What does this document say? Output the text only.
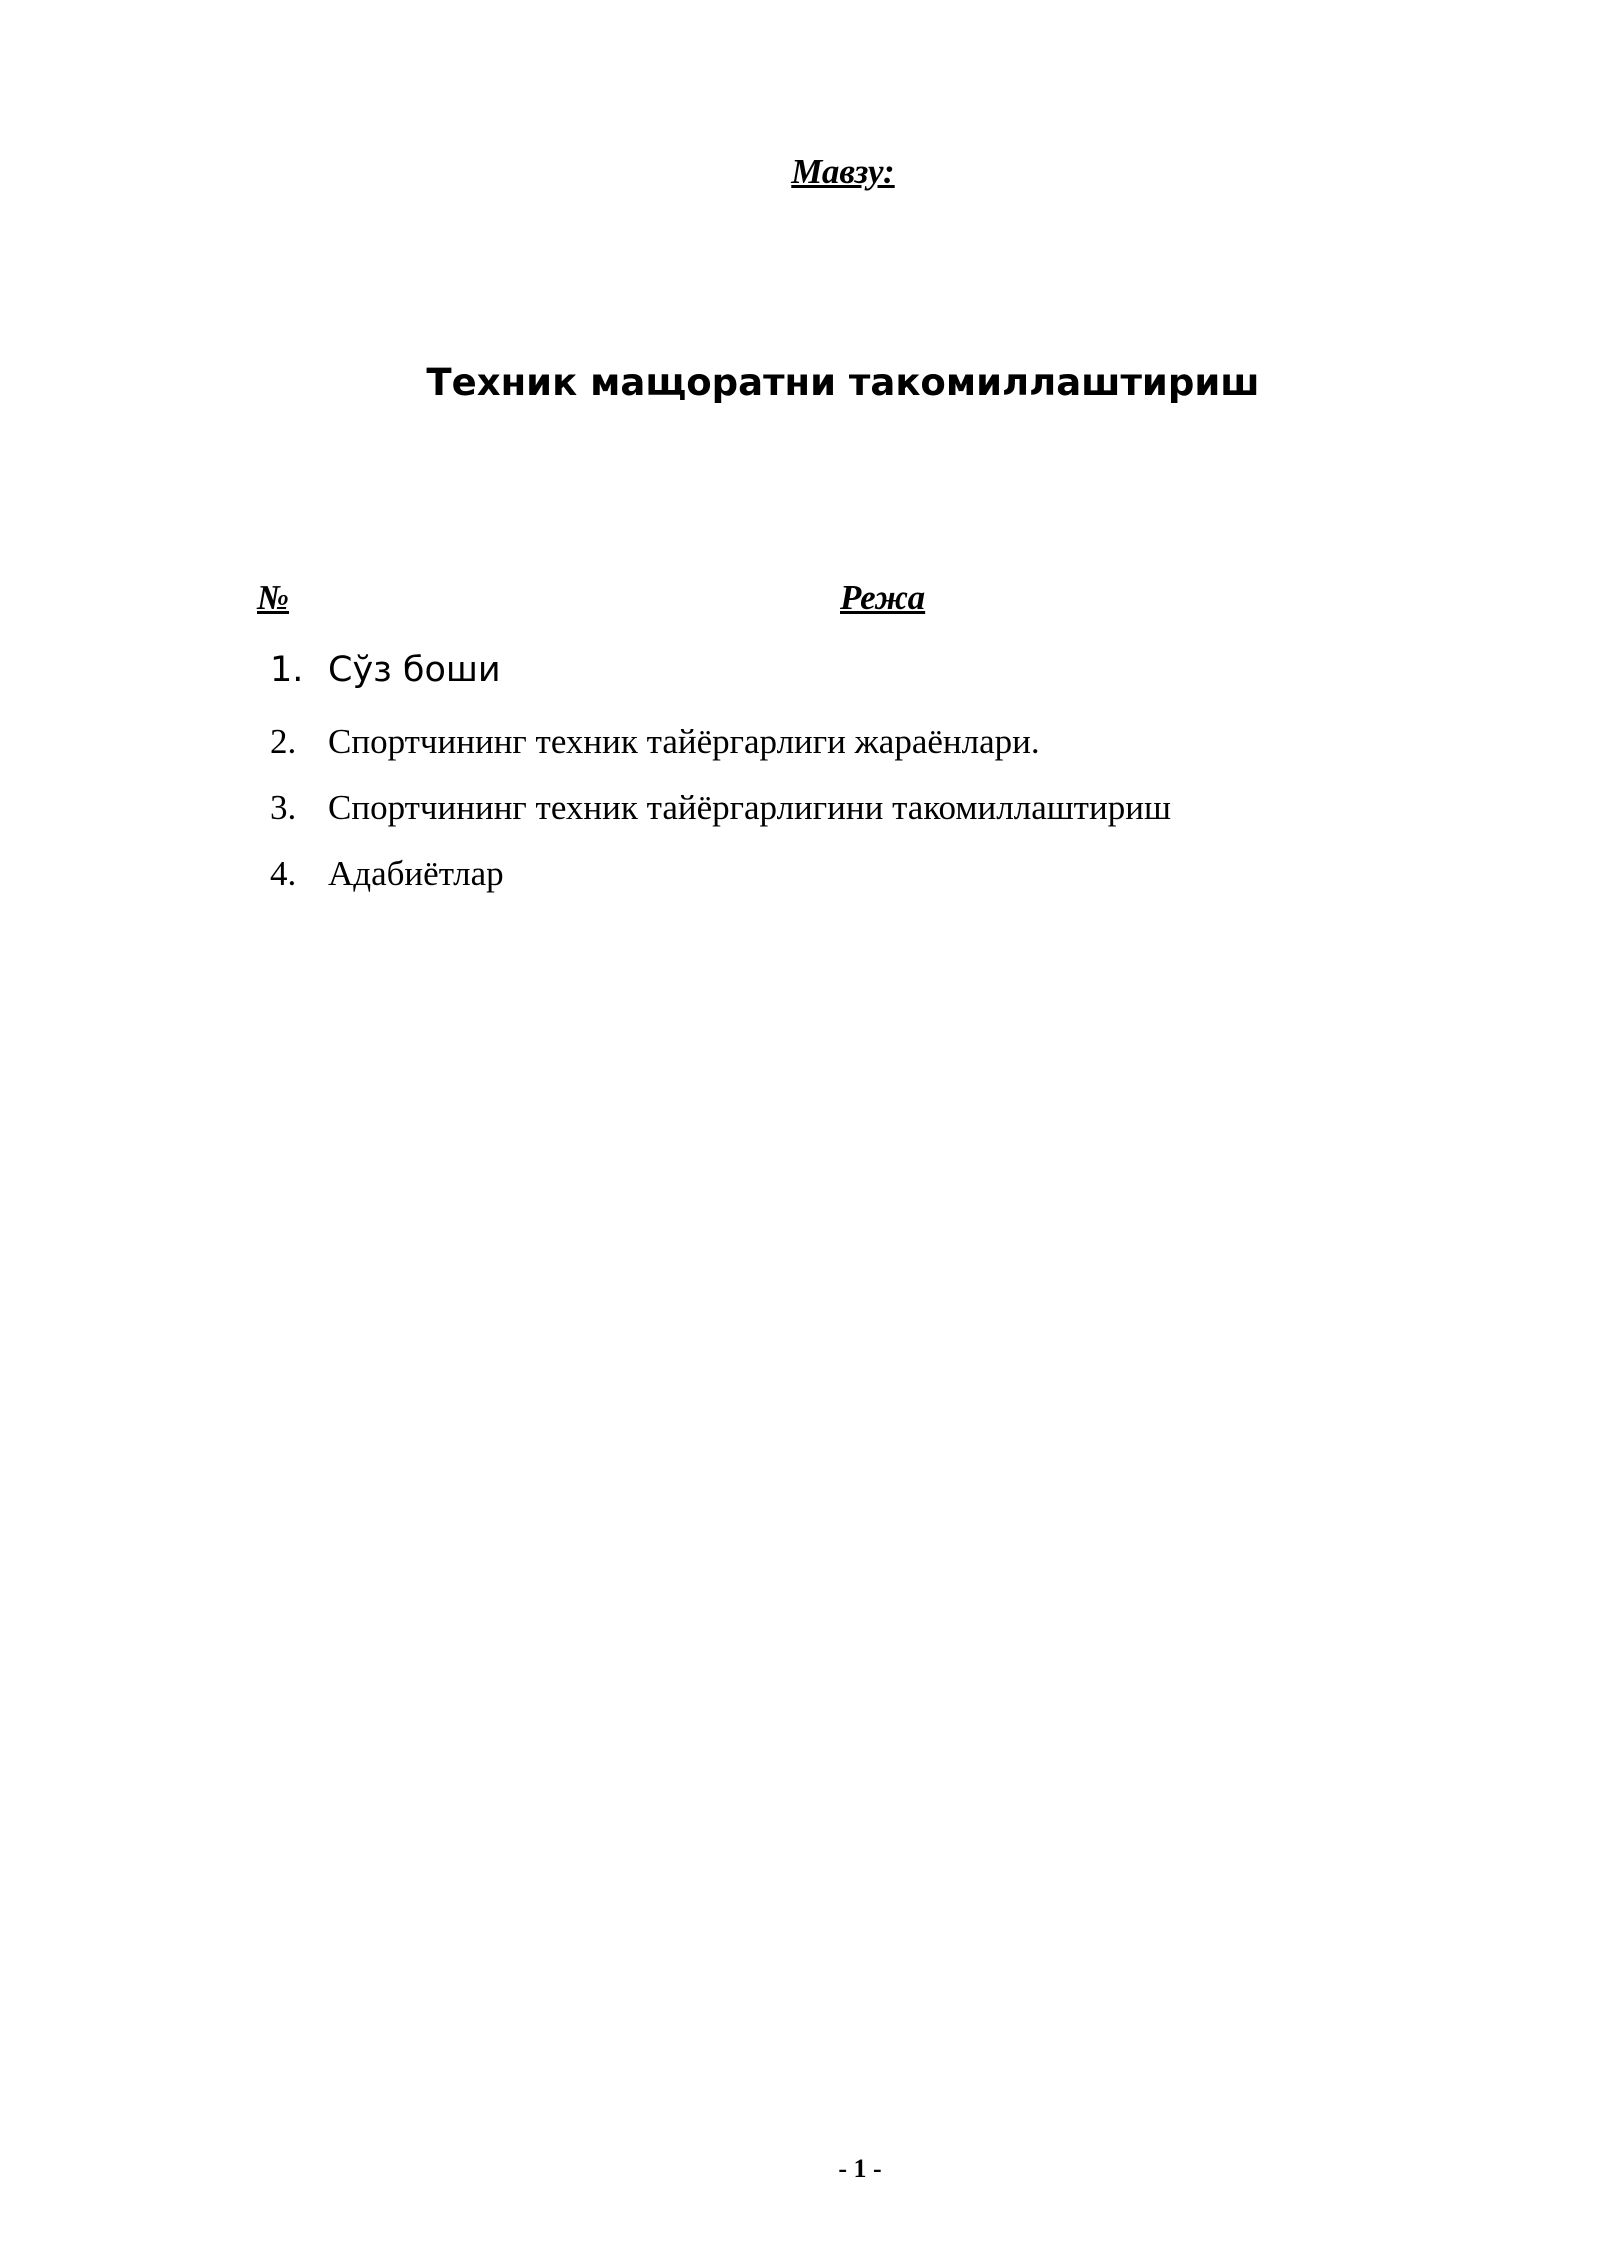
Мавзу:
Техник мащоратни такомиллаштириш
№	Режа
1. Сўз боши
2. Спортчининг техник тайёргарлиги жараёнлари.
3. Спортчининг техник тайёргарлигини такомиллаштириш
4. Адабиётлар
- 1 -
